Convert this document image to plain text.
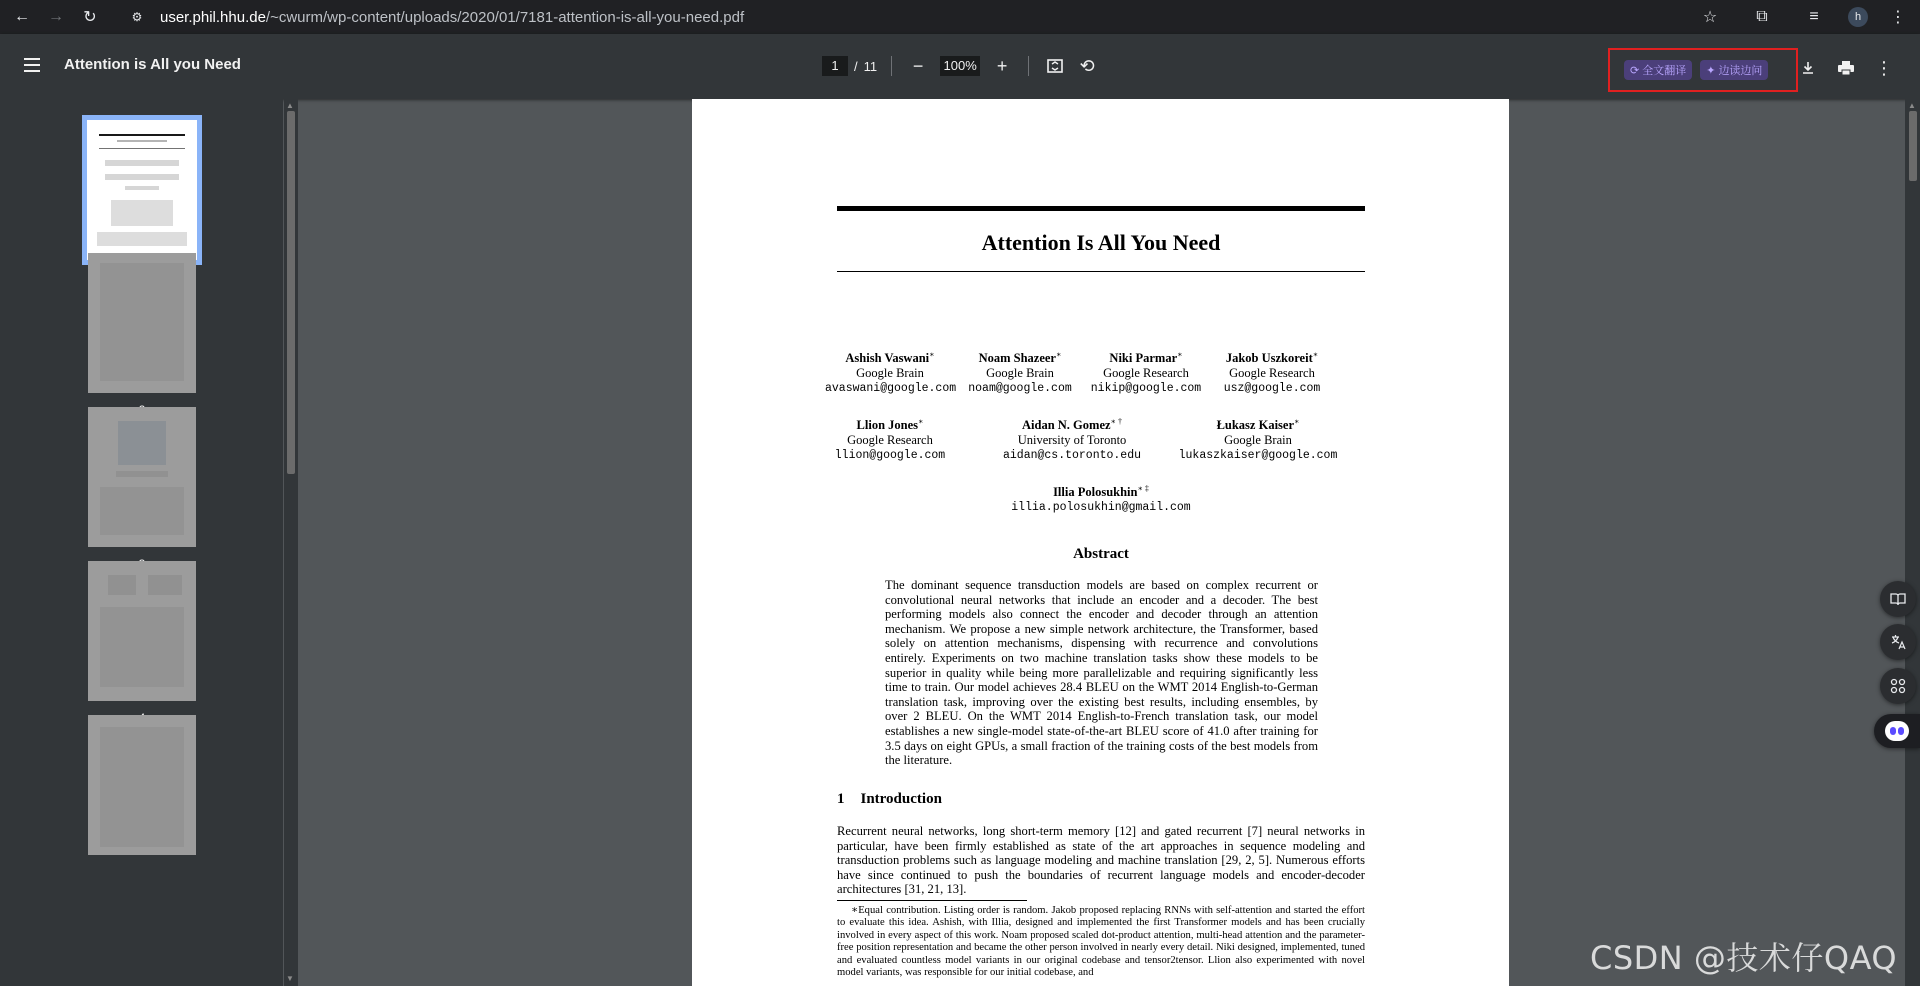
← →	↻	⚙ user.phil.hhu.de/~cwurm/wp-content/uploads/2020/01/7181-attention-is-all-you-need.pdf	☆	⧉	≡	h	⋮
Attention is All you Need	1	/ 11	−	100%	+	⟲	⟳ 全文翻译 ✦ 边读边问	⋮
▲
▼
Attention Is All You Need
Ashish Vaswani∗
Google Brain
avaswani@google.com
Noam Shazeer∗
Google Brain
noam@google.com
Niki Parmar∗
Google Research
nikip@google.com
Jakob Uszkoreit∗
Google Research
usz@google.com
Llion Jones∗
Google Research
llion@google.com
Aidan N. Gomez∗ †
University of Toronto
aidan@cs.toronto.edu
Łukasz Kaiser∗
Google Brain
lukaszkaiser@google.com
Illia Polosukhin∗ ‡
illia.polosukhin@gmail.com
Abstract
The dominant sequence transduction models are based on complex recurrent or convolutional neural networks that include an encoder and a decoder. The best performing models also connect the encoder and decoder through an attention mechanism. We propose a new simple network architecture, the Transformer, based solely on attention mechanisms, dispensing with recurrence and convolutions entirely. Experiments on two machine translation tasks show these models to be superior in quality while being more parallelizable and requiring significantly less time to train. Our model achieves 28.4 BLEU on the WMT 2014 English-to-German translation task, improving over the existing best results, including ensembles, by over 2 BLEU. On the WMT 2014 English-to-French translation task, our model establishes a new single-model state-of-the-art BLEU score of 41.0 after training for 3.5 days on eight GPUs, a small fraction of the training costs of the best models from the literature.
1 Introduction
Recurrent neural networks, long short-term memory [12] and gated recurrent [7] neural networks in particular, have been firmly established as state of the art approaches in sequence modeling and transduction problems such as language modeling and machine translation [29, 2, 5]. Numerous efforts have since continued to push the boundaries of recurrent language models and encoder-decoder architectures [31, 21, 13].
∗Equal contribution. Listing order is random. Jakob proposed replacing RNNs with self-attention and started the effort to evaluate this idea. Ashish, with Illia, designed and implemented the first Transformer models and has been crucially involved in every aspect of this work. Noam proposed scaled dot-product attention, multi-head attention and the parameter-free position representation and became the other person involved in nearly every detail. Niki designed, implemented, tuned and evaluated countless model variants in our original codebase and tensor2tensor. Llion also experimented with novel model variants, was responsible for our initial codebase, and
▲
CSDN @技术仔QAQ
